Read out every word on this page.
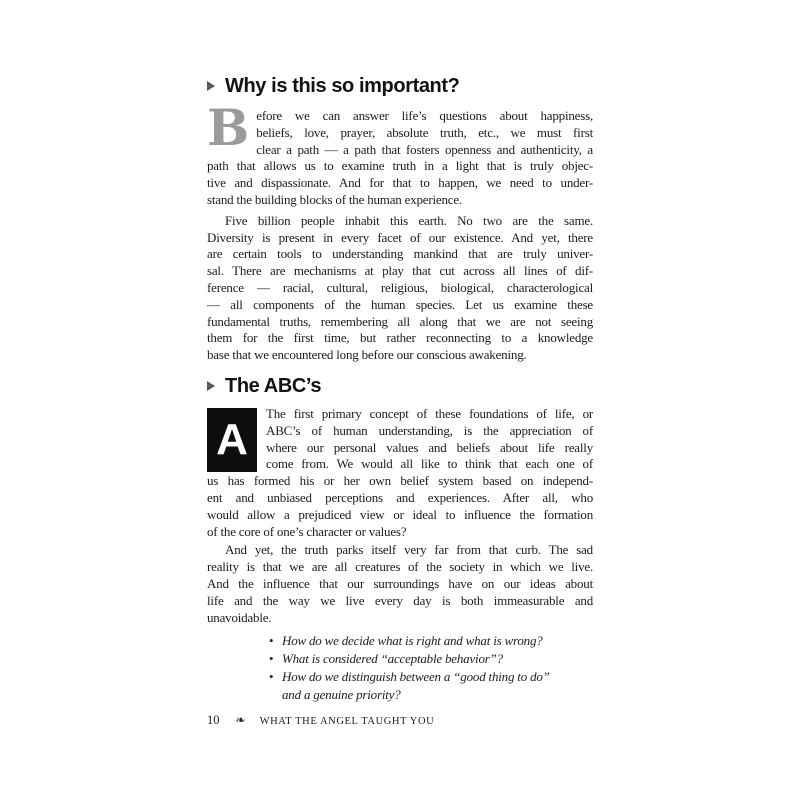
Why is this so important?
B efore we can answer life’s questions about happiness,
beliefs, love, prayer, absolute truth, etc., we must first
clear a path — a path that fosters openness and authenticity, a
path that allows us to examine truth in a light that is truly objec-
tive and dispassionate. And for that to happen, we need to under-
stand the building blocks of the human experience.
Five billion people inhabit this earth. No two are the same.
Diversity is present in every facet of our existence. And yet, there
are certain tools to understanding mankind that are truly univer-
sal. There are mechanisms at play that cut across all lines of dif-
ference — racial, cultural, religious, biological, characterological
— all components of the human species. Let us examine these
fundamental truths, remembering all along that we are not seeing
them for the first time, but rather reconnecting to a knowledge
base that we encountered long before our conscious awakening.
The ABC’s
A
The first primary concept of these foundations of life, or
ABC’s of human understanding, is the appreciation of
where our personal values and beliefs about life really
come from. We would all like to think that each one of
us has formed his or her own belief system based on independ-
ent and unbiased perceptions and experiences. After all, who
would allow a prejudiced view or ideal to influence the formation
of the core of one’s character or values?
And yet, the truth parks itself very far from that curb. The sad
reality is that we are all creatures of the society in which we live.
And the influence that our surroundings have on our ideas about
life and the way we live every day is both immeasurable and
unavoidable.
• How do we decide what is right and what is wrong?
• What is considered “acceptable behavior”?
• How do we distinguish between a “good thing to do” and a genuine priority?
10 ❧ WHAT THE ANGEL TAUGHT YOU
